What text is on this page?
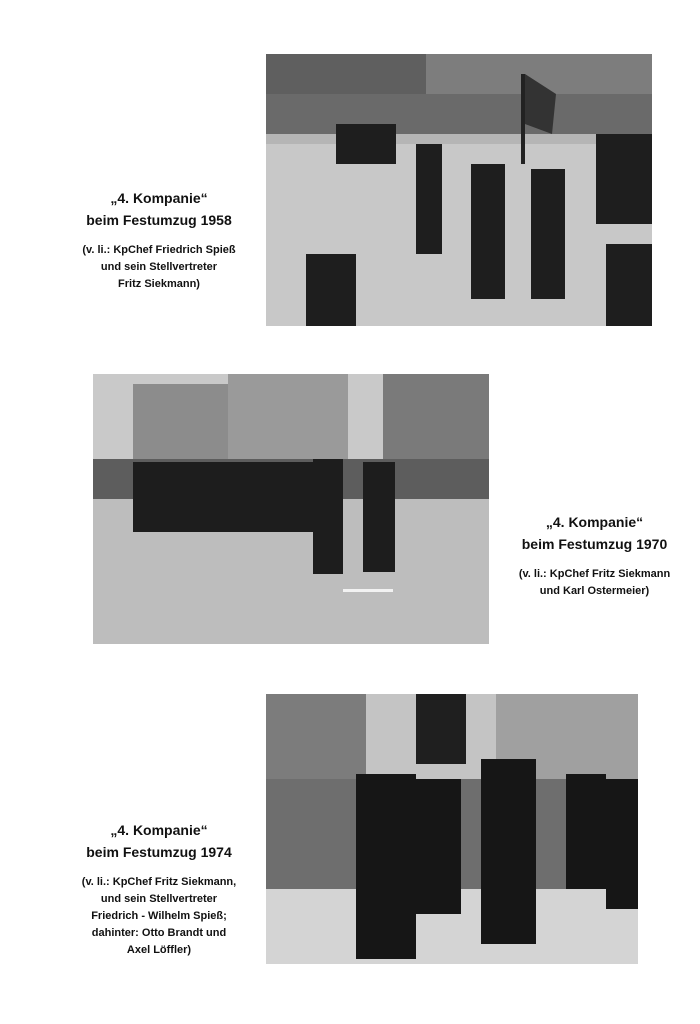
„4. Kompanie“

beim Festumzug 1958

(v. li.: KpChef Friedrich Spieß
und sein Stellvertreter
Fritz Siekmann)

„4. Kompanie“

beim Festumzug 1970

(v. li.: KpChef Fritz Siekmann
und Karl Ostermeier)

„4. Kompanie“

beim Festumzug 1974

(v. li.: KpChef Fritz Siekmann,
und sein Stellvertreter
Friedrich - Wilhelm Spieß;
dahinter: Otto Brandt und
Axel Löffler)
